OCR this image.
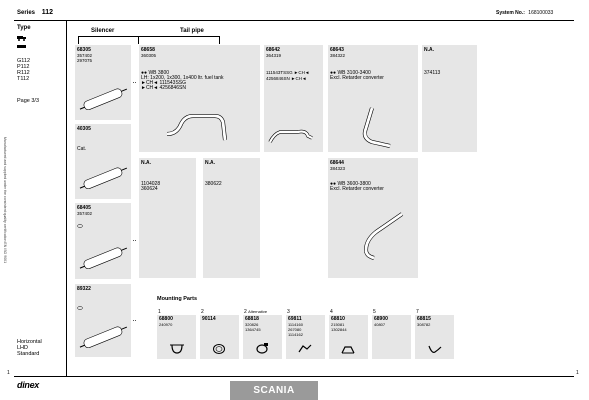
Series 112	System No.: 168100033
Silencer	Tail pipe
Manufactured and supplied under the consistent quality certification EN ISO 9001
Type
G112
P112
R112
T112
Page 3/3
Horizontal
LHD
Standard
68305
357402
297075
40305
Cat.
68405
357402
89322
68658
360305
●● WB 3800
LH: 1x200, 1x300, 1x400 ltr. fuel tank
►CH◄ 111543SSG
►CH◄ 4256846SN
68642
364319
111543TSSG ►CH◄
4256846SN ►CH◄
68643
384322
●● WB 3100-3400
Excl. Retarder converter
N.A.
374113
N.A.
1104028
360624
N.A.
380622
68644
384323
●● WB 3600-3800
Excl. Retarder converter
Mounting Parts
1
68800
240970
2
90114
2 Alternative
68818
320826
1364745
3
69811
1114160
267080
1114162
4
68810
215081
1302844
5
68900
40807
7
68815
308782
dinex	SCANIA
1	1
